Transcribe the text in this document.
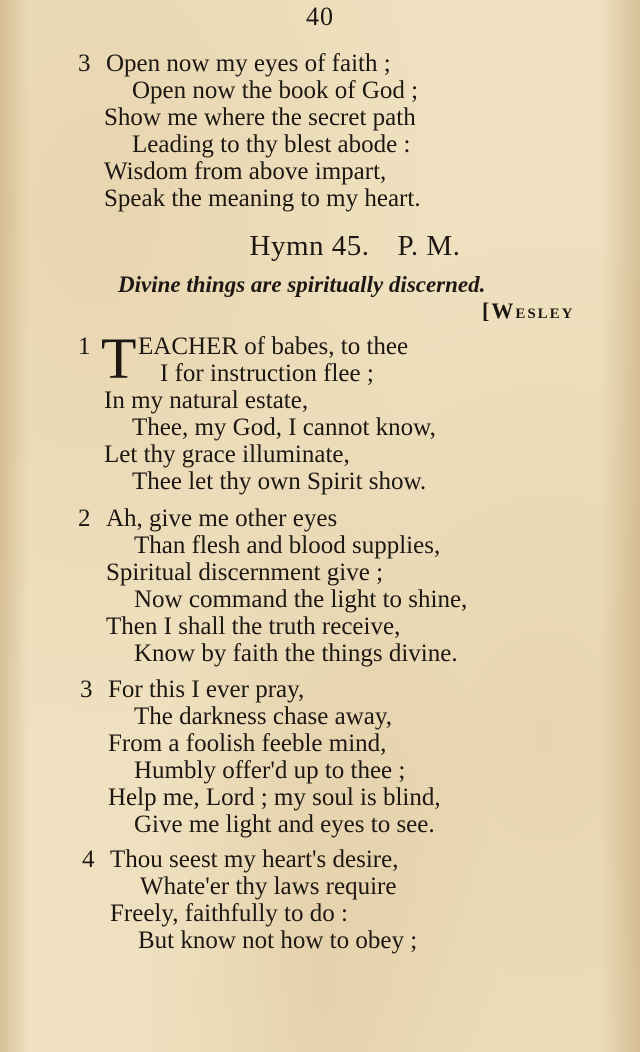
40
3 Open now my eyes of faith ;
Open now the book of God ;
Show me where the secret path
Leading to thy blest abode :
Wisdom from above impart,
Speak the meaning to my heart.
Hymn 45. P. M.
Divine things are spiritually discerned.
[Wesley
1 T EACHER of babes, to thee
I for instruction flee ;
In my natural estate,
Thee, my God, I cannot know,
Let thy grace illuminate,
Thee let thy own Spirit show.
2 Ah, give me other eyes
Than flesh and blood supplies,
Spiritual discernment give ;
Now command the light to shine,
Then I shall the truth receive,
Know by faith the things divine.
3 For this I ever pray,
The darkness chase away,
From a foolish feeble mind,
Humbly offer'd up to thee ;
Help me, Lord ; my soul is blind,
Give me light and eyes to see.
4 Thou seest my heart's desire,
Whate'er thy laws require
Freely, faithfully to do :
But know not how to obey ;
